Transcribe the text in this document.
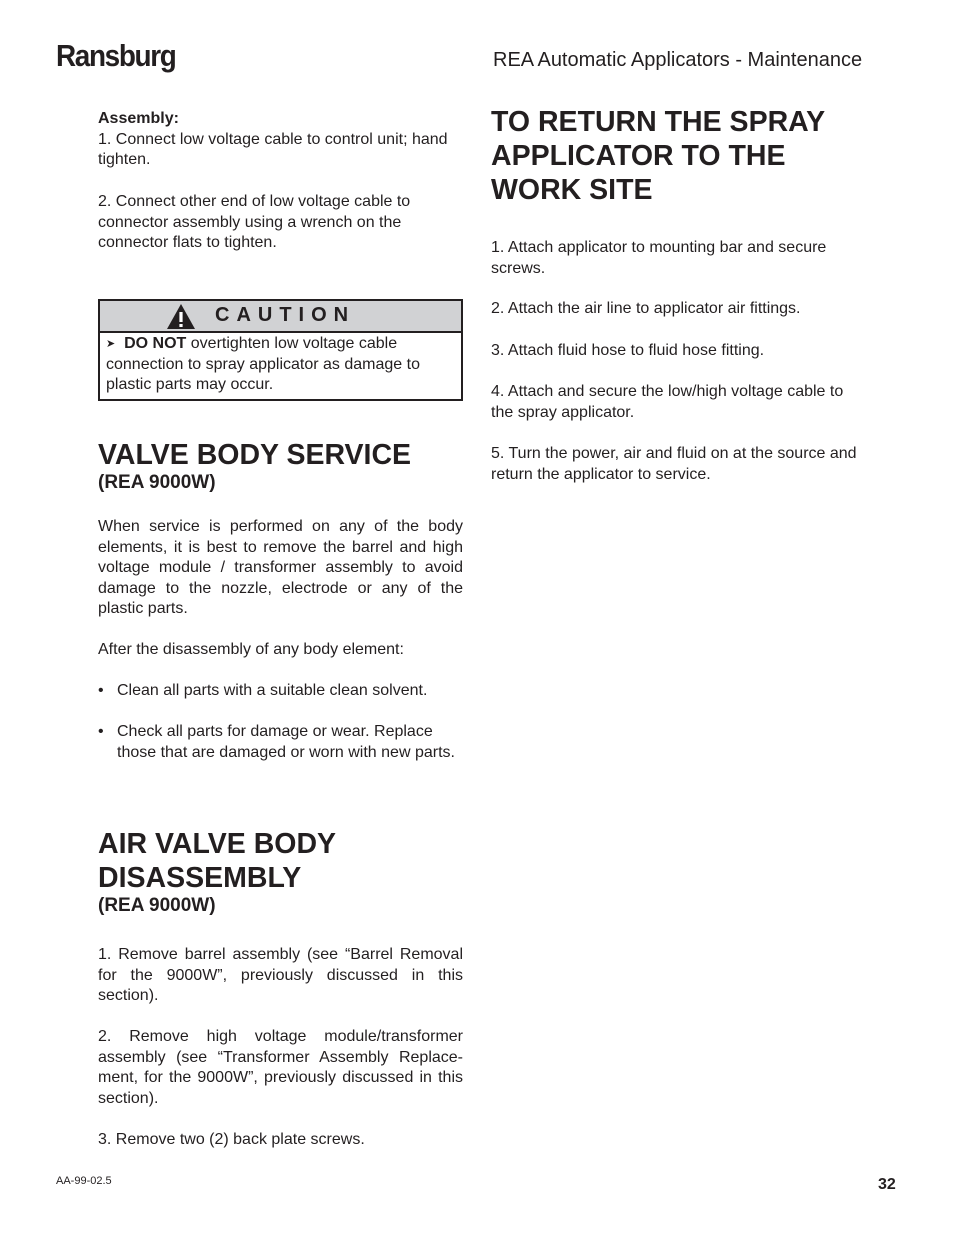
Ransburg	REA Automatic Applicators - Maintenance

Assembly:

1. Connect low voltage cable to control unit; hand tighten.

2. Connect other end of low voltage cable to connector assembly using a wrench on the connector flats to tighten.

CAUTION
➤ DO NOT overtighten low voltage cable connection to spray applicator as damage to plastic parts may occur.
VALVE BODY SERVICE
(REA 9000W)

When service is performed on any of the body elements, it is best to remove the barrel and high voltage module / transformer assembly to avoid damage to the nozzle, electrode or any of the plastic parts.

After the disassembly of any body element:

• Clean all parts with a suitable clean solvent.
• Check all parts for damage or wear. Replace those that are damaged or worn with new parts.
AIR VALVE BODY
DISASSEMBLY
(REA 9000W)

1. Remove barrel assembly (see “Barrel Removal for the 9000W”, previously discussed in this section).

2. Remove high voltage module/transformer assembly (see “Transformer Assembly Replace-ment, for the 9000W”, previously discussed in this section).

3. Remove two (2) back plate screws.

TO RETURN THE SPRAY
APPLICATOR TO THE
WORK SITE

1. Attach applicator to mounting bar and secure screws.

2. Attach the air line to applicator air fittings.

3. Attach fluid hose to fluid hose fitting.

4. Attach and secure the low/high voltage cable to the spray applicator.

5. Turn the power, air and fluid on at the source and return the applicator to service.

AA-99-02.5	32
